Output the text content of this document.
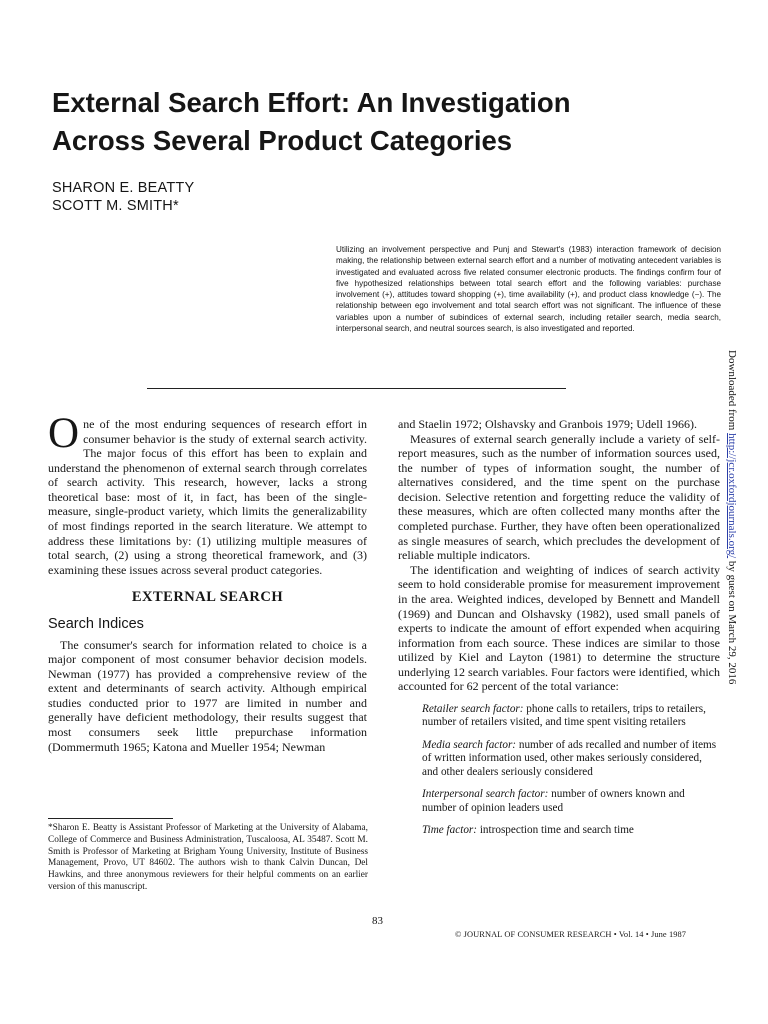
External Search Effort: An Investigation
Across Several Product Categories
SHARON E. BEATTY
SCOTT M. SMITH*
Utilizing an involvement perspective and Punj and Stewart's (1983) interaction framework of decision making, the relationship between external search effort and a number of motivating antecedent variables is investigated and evaluated across five related consumer electronic products. The findings confirm four of five hypothesized relationships between total search effort and the following variables: purchase involvement (+), attitudes toward shopping (+), time availability (+), and product class knowledge (−). The relationship between ego involvement and total search effort was not significant. The influence of these variables upon a number of subindices of external search, including retailer search, media search, interpersonal search, and neutral sources search, is also investigated and reported.

One of the most enduring sequences of research effort in consumer behavior is the study of external search activity. The major focus of this effort has been to explain and understand the phenomenon of external search through correlates of search activity. This research, however, lacks a strong theoretical base: most of it, in fact, has been of the single-measure, single-product variety, which limits the generalizability of most findings reported in the search literature. We attempt to address these limitations by: (1) utilizing multiple measures of total search, (2) using a strong theoretical framework, and (3) examining these issues across several product categories.

EXTERNAL SEARCH
Search Indices

The consumer's search for information related to choice is a major component of most consumer behavior decision models. Newman (1977) has provided a comprehensive review of the extent and determinants of search activity. Although empirical studies conducted prior to 1977 are limited in number and generally have deficient methodology, their results suggest that most consumers seek little prepurchase information (Dommermuth 1965; Katona and Mueller 1954; Newman

and Staelin 1972; Olshavsky and Granbois 1979; Udell 1966).

Measures of external search generally include a variety of self-report measures, such as the number of information sources used, the number of types of information sought, the number of alternatives considered, and the time spent on the purchase decision. Selective retention and forgetting reduce the validity of these measures, which are often collected many months after the completed purchase. Further, they have often been operationalized as single measures of search, which precludes the development of reliable multiple indicators.

The identification and weighting of indices of search activity seem to hold considerable promise for measurement improvement in the area. Weighted indices, developed by Bennett and Mandell (1969) and Duncan and Olshavsky (1982), used small panels of experts to indicate the amount of effort expended when acquiring information from each source. These indices are similar to those utilized by Kiel and Layton (1981) to determine the structure underlying 12 search variables. Four factors were identified, which accounted for 62 percent of the total variance:

Retailer search factor: phone calls to retailers, trips to retailers, number of retailers visited, and time spent visiting retailers
Media search factor: number of ads recalled and number of items of written information used, other makes seriously considered, and other dealers seriously considered
Interpersonal search factor: number of owners known and number of opinion leaders used
Time factor: introspection time and search time
*Sharon E. Beatty is Assistant Professor of Marketing at the University of Alabama, College of Commerce and Business Administration, Tuscaloosa, AL 35487. Scott M. Smith is Professor of Marketing at Brigham Young University, Institute of Business Management, Provo, UT 84602. The authors wish to thank Calvin Duncan, Del Hawkins, and three anonymous reviewers for their helpful comments on an earlier version of this manuscript.
83
© JOURNAL OF CONSUMER RESEARCH • Vol. 14 • June 1987
Downloaded from http://jcr.oxfordjournals.org/ by guest on March 29, 2016
